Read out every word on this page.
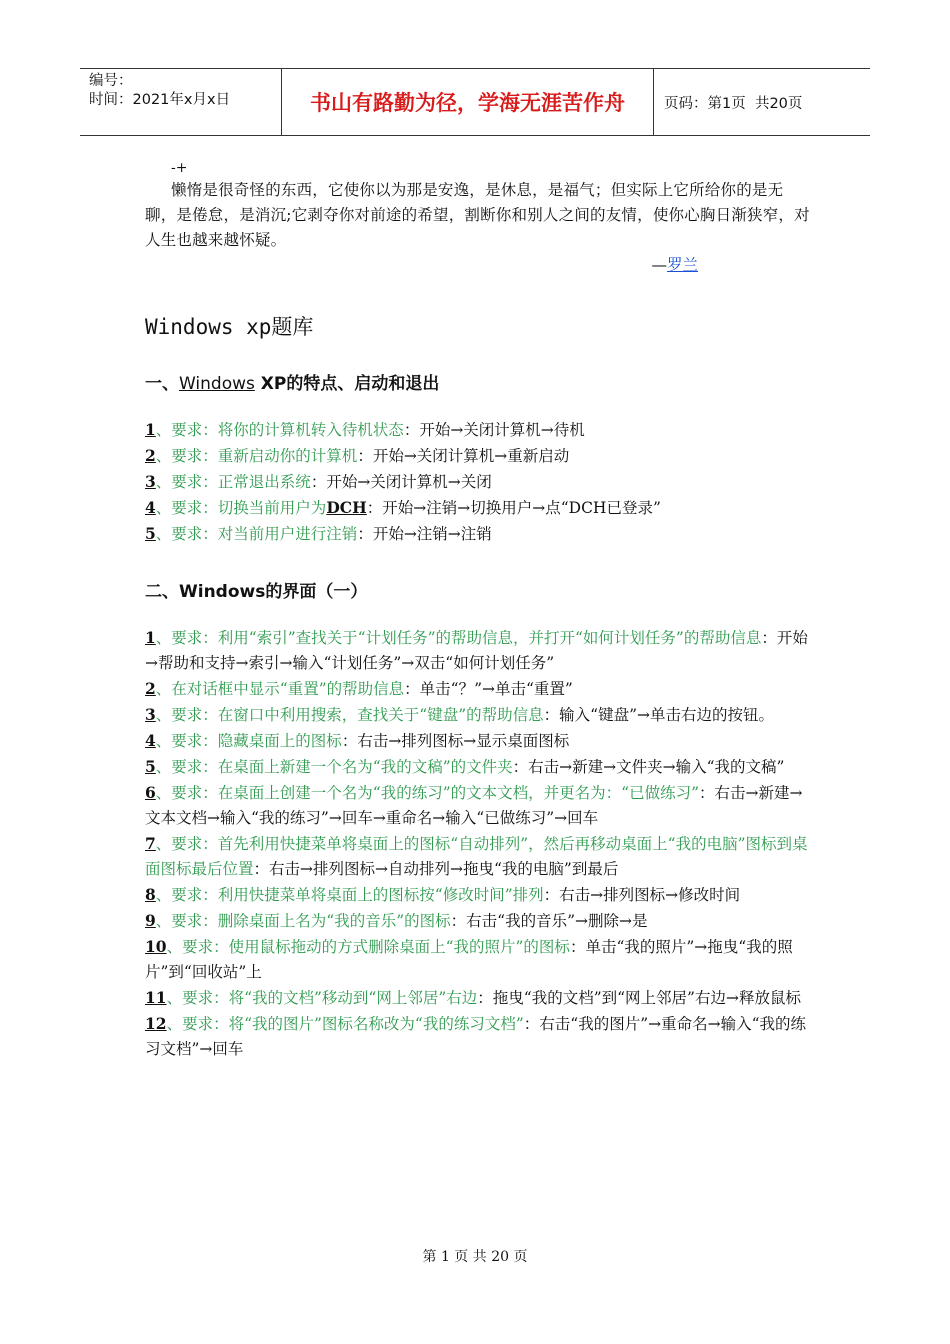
编号：
时间：2021年x月x日	书山有路勤为径，学海无涯苦作舟	页码：第1页  共20页
-+

懒惰是很奇怪的东西，它使你以为那是安逸，是休息，是福气；但实际上它所给你的是无聊，是倦怠，是消沉;它剥夺你对前途的希望，割断你和别人之间的友情，使你心胸日渐狭窄，对人生也越来越怀疑。

—罗兰
Windows xp题库
一、Windows XP的特点、启动和退出

1、要求：将你的计算机转入待机状态：开始→关闭计算机→待机

2、要求：重新启动你的计算机：开始→关闭计算机→重新启动

3、要求：正常退出系统：开始→关闭计算机→关闭

4、要求：切换当前用户为DCH：开始→注销→切换用户→点“DCH已登录”

5、要求：对当前用户进行注销：开始→注销→注销

二、Windows的界面（一）

1、要求：利用“索引”查找关于“计划任务”的帮助信息，并打开“如何计划任务”的帮助信息：开始→帮助和支持→索引→输入“计划任务”→双击“如何计划任务”

2、在对话框中显示“重置”的帮助信息：单击“？”→单击“重置”

3、要求：在窗口中利用搜索，查找关于“键盘”的帮助信息：输入“键盘”→单击右边的按钮。

4、要求：隐藏桌面上的图标：右击→排列图标→显示桌面图标

5、要求：在桌面上新建一个名为“我的文稿”的文件夹：右击→新建→文件夹→输入“我的文稿”

6、要求：在桌面上创建一个名为“我的练习”的文本文档，并更名为：“已做练习”：右击→新建→文本文档→输入“我的练习”→回车→重命名→输入“已做练习”→回车

7、要求：首先利用快捷菜单将桌面上的图标“自动排列”，然后再移动桌面上“我的电脑”图标到桌面图标最后位置：右击→排列图标→自动排列→拖曳“我的电脑”到最后

8、要求：利用快捷菜单将桌面上的图标按“修改时间”排列：右击→排列图标→修改时间

9、要求：删除桌面上名为“我的音乐”的图标：右击“我的音乐”→删除→是

10、要求：使用鼠标拖动的方式删除桌面上“我的照片”的图标：单击“我的照片”→拖曳“我的照片”到“回收站”上

11、要求：将“我的文档”移动到“网上邻居”右边：拖曳“我的文档”到“网上邻居”右边→释放鼠标

12、要求：将“我的图片”图标名称改为“我的练习文档”：右击“我的图片”→重命名→输入“我的练习文档”→回车

第 1 页 共 20 页
